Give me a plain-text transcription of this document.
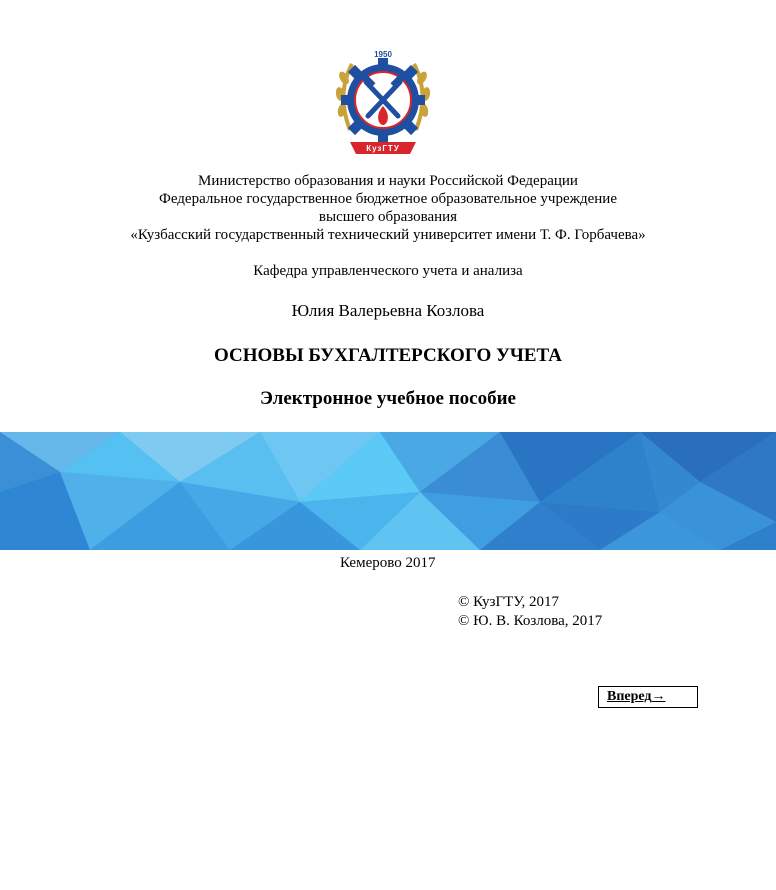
1950
КузГТУ
Министерство образования и науки Российской Федерации
Федеральное государственное бюджетное образовательное учреждение
высшего образования
«Кузбасский государственный технический университет имени Т. Ф. Горбачева»
Кафедра управленческого учета и анализа
Юлия Валерьевна Козлова
ОСНОВЫ БУХГАЛТЕРСКОГО УЧЕТА
Электронное учебное пособие
Кемерово 2017
© КузГТУ, 2017
© Ю. В. Козлова, 2017
Вперед→
